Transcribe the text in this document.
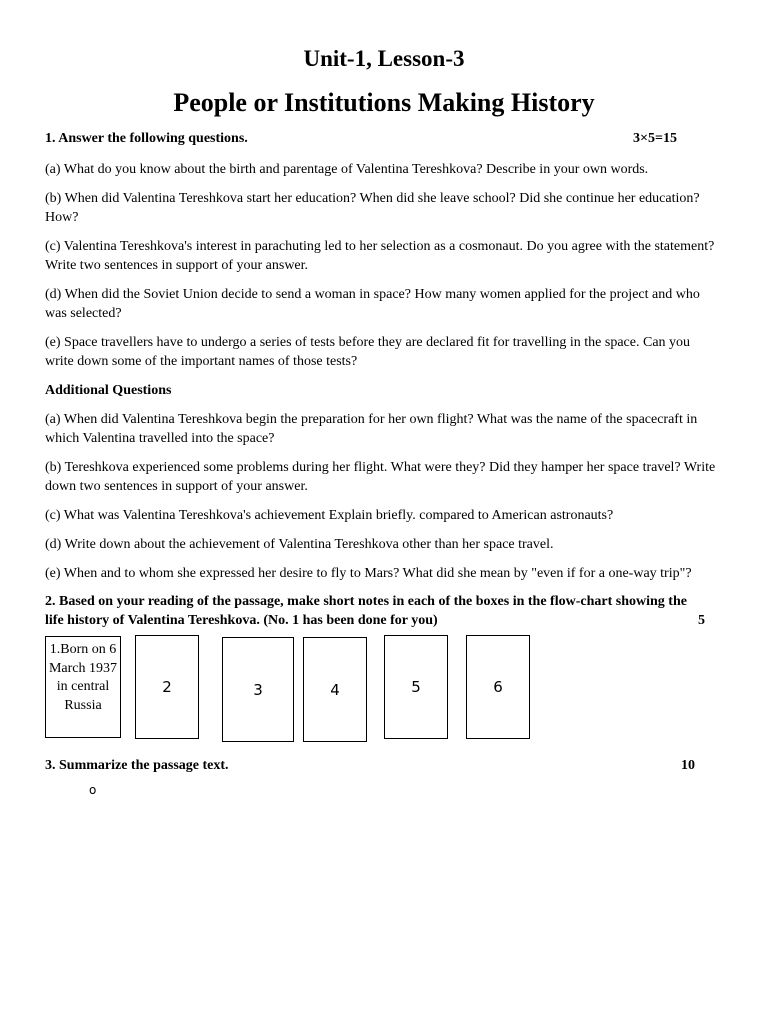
Unit-1, Lesson-3
People or Institutions Making History
1. Answer the following questions.	3×5=15
(a) What do you know about the birth and parentage of Valentina Tereshkova? Describe in your own words.
(b) When did Valentina Tereshkova start her education? When did she leave school? Did she continue her education? How?
(c) Valentina Tereshkova's interest in parachuting led to her selection as a cosmonaut. Do you agree with the statement? Write two sentences in support of your answer.
(d) When did the Soviet Union decide to send a woman in space? How many women applied for the project and who was selected?
(e) Space travellers have to undergo a series of tests before they are declared fit for travelling in the space. Can you write down some of the important names of those tests?
Additional Questions
(a) When did Valentina Tereshkova begin the preparation for her own flight? What was the name of the spacecraft in which Valentina travelled into the space?
(b) Tereshkova experienced some problems during her flight. What were they? Did they hamper her space travel? Write down two sentences in support of your answer.
(c) What was Valentina Tereshkova's achievement Explain briefly. compared to American astronauts?
(d) Write down about the achievement of Valentina Tereshkova other than her space travel.
(e) When and to whom she expressed her desire to fly to Mars? What did she mean by "even if for a one-way trip"?
2. Based on your reading of the passage, make short notes in each of the boxes in the flow-chart showing the life history of Valentina Tereshkova. (No. 1 has been done for you)	5
1.Born on 6 March 1937 in central Russia
2	3	4	5	6
3. Summarize the passage text.	10
o
